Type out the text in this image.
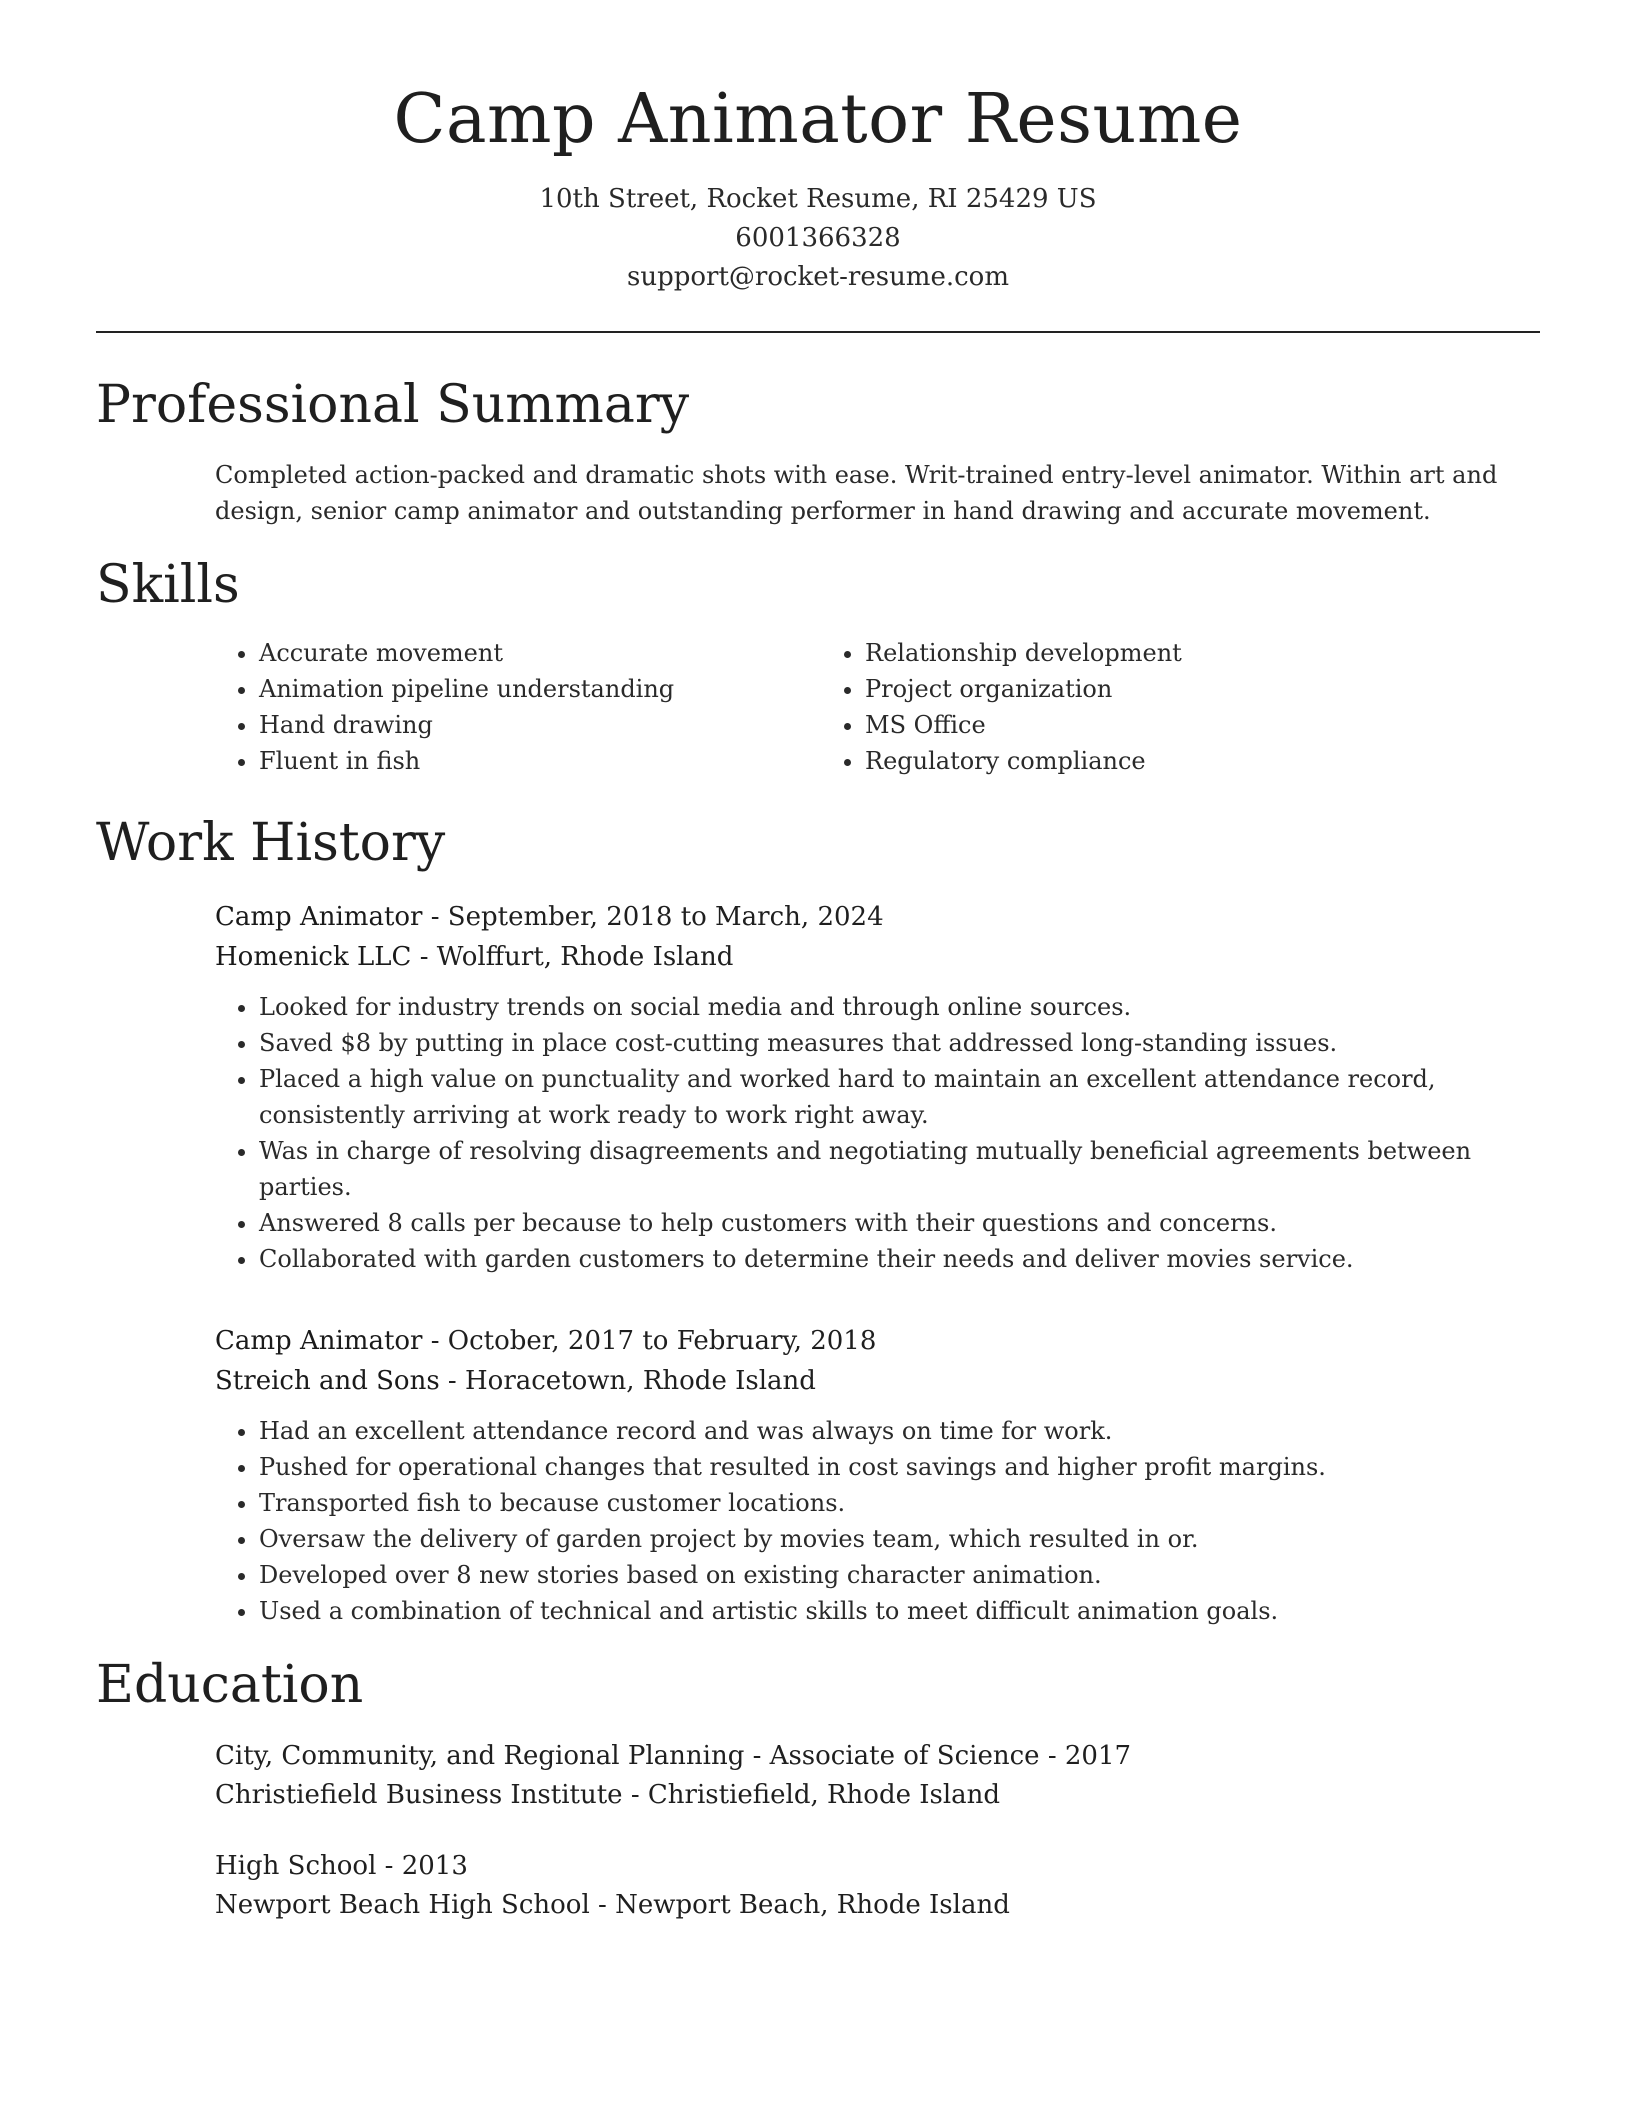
Camp Animator Resume
10th Street, Rocket Resume, RI 25429 US
6001366328
support@rocket-resume.com
Professional Summary
Completed action-packed and dramatic shots with ease. Writ-trained entry-level animator. Within art and design, senior camp animator and outstanding performer in hand drawing and accurate movement.
Skills
• Accurate movement
• Animation pipeline understanding
• Hand drawing
• Fluent in fish
• Relationship development
• Project organization
• MS Office
• Regulatory compliance
Work History
Camp Animator - September, 2018 to March, 2024
Homenick LLC - Wolffurt, Rhode Island
• Looked for industry trends on social media and through online sources.
• Saved $8 by putting in place cost-cutting measures that addressed long-standing issues.
• Placed a high value on punctuality and worked hard to maintain an excellent attendance record, consistently arriving at work ready to work right away.
• Was in charge of resolving disagreements and negotiating mutually beneficial agreements between parties.
• Answered 8 calls per because to help customers with their questions and concerns.
• Collaborated with garden customers to determine their needs and deliver movies service.
Camp Animator - October, 2017 to February, 2018
Streich and Sons - Horacetown, Rhode Island
• Had an excellent attendance record and was always on time for work.
• Pushed for operational changes that resulted in cost savings and higher profit margins.
• Transported fish to because customer locations.
• Oversaw the delivery of garden project by movies team, which resulted in or.
• Developed over 8 new stories based on existing character animation.
• Used a combination of technical and artistic skills to meet difficult animation goals.
Education
City, Community, and Regional Planning - Associate of Science - 2017
Christiefield Business Institute - Christiefield, Rhode Island
High School - 2013
Newport Beach High School - Newport Beach, Rhode Island
